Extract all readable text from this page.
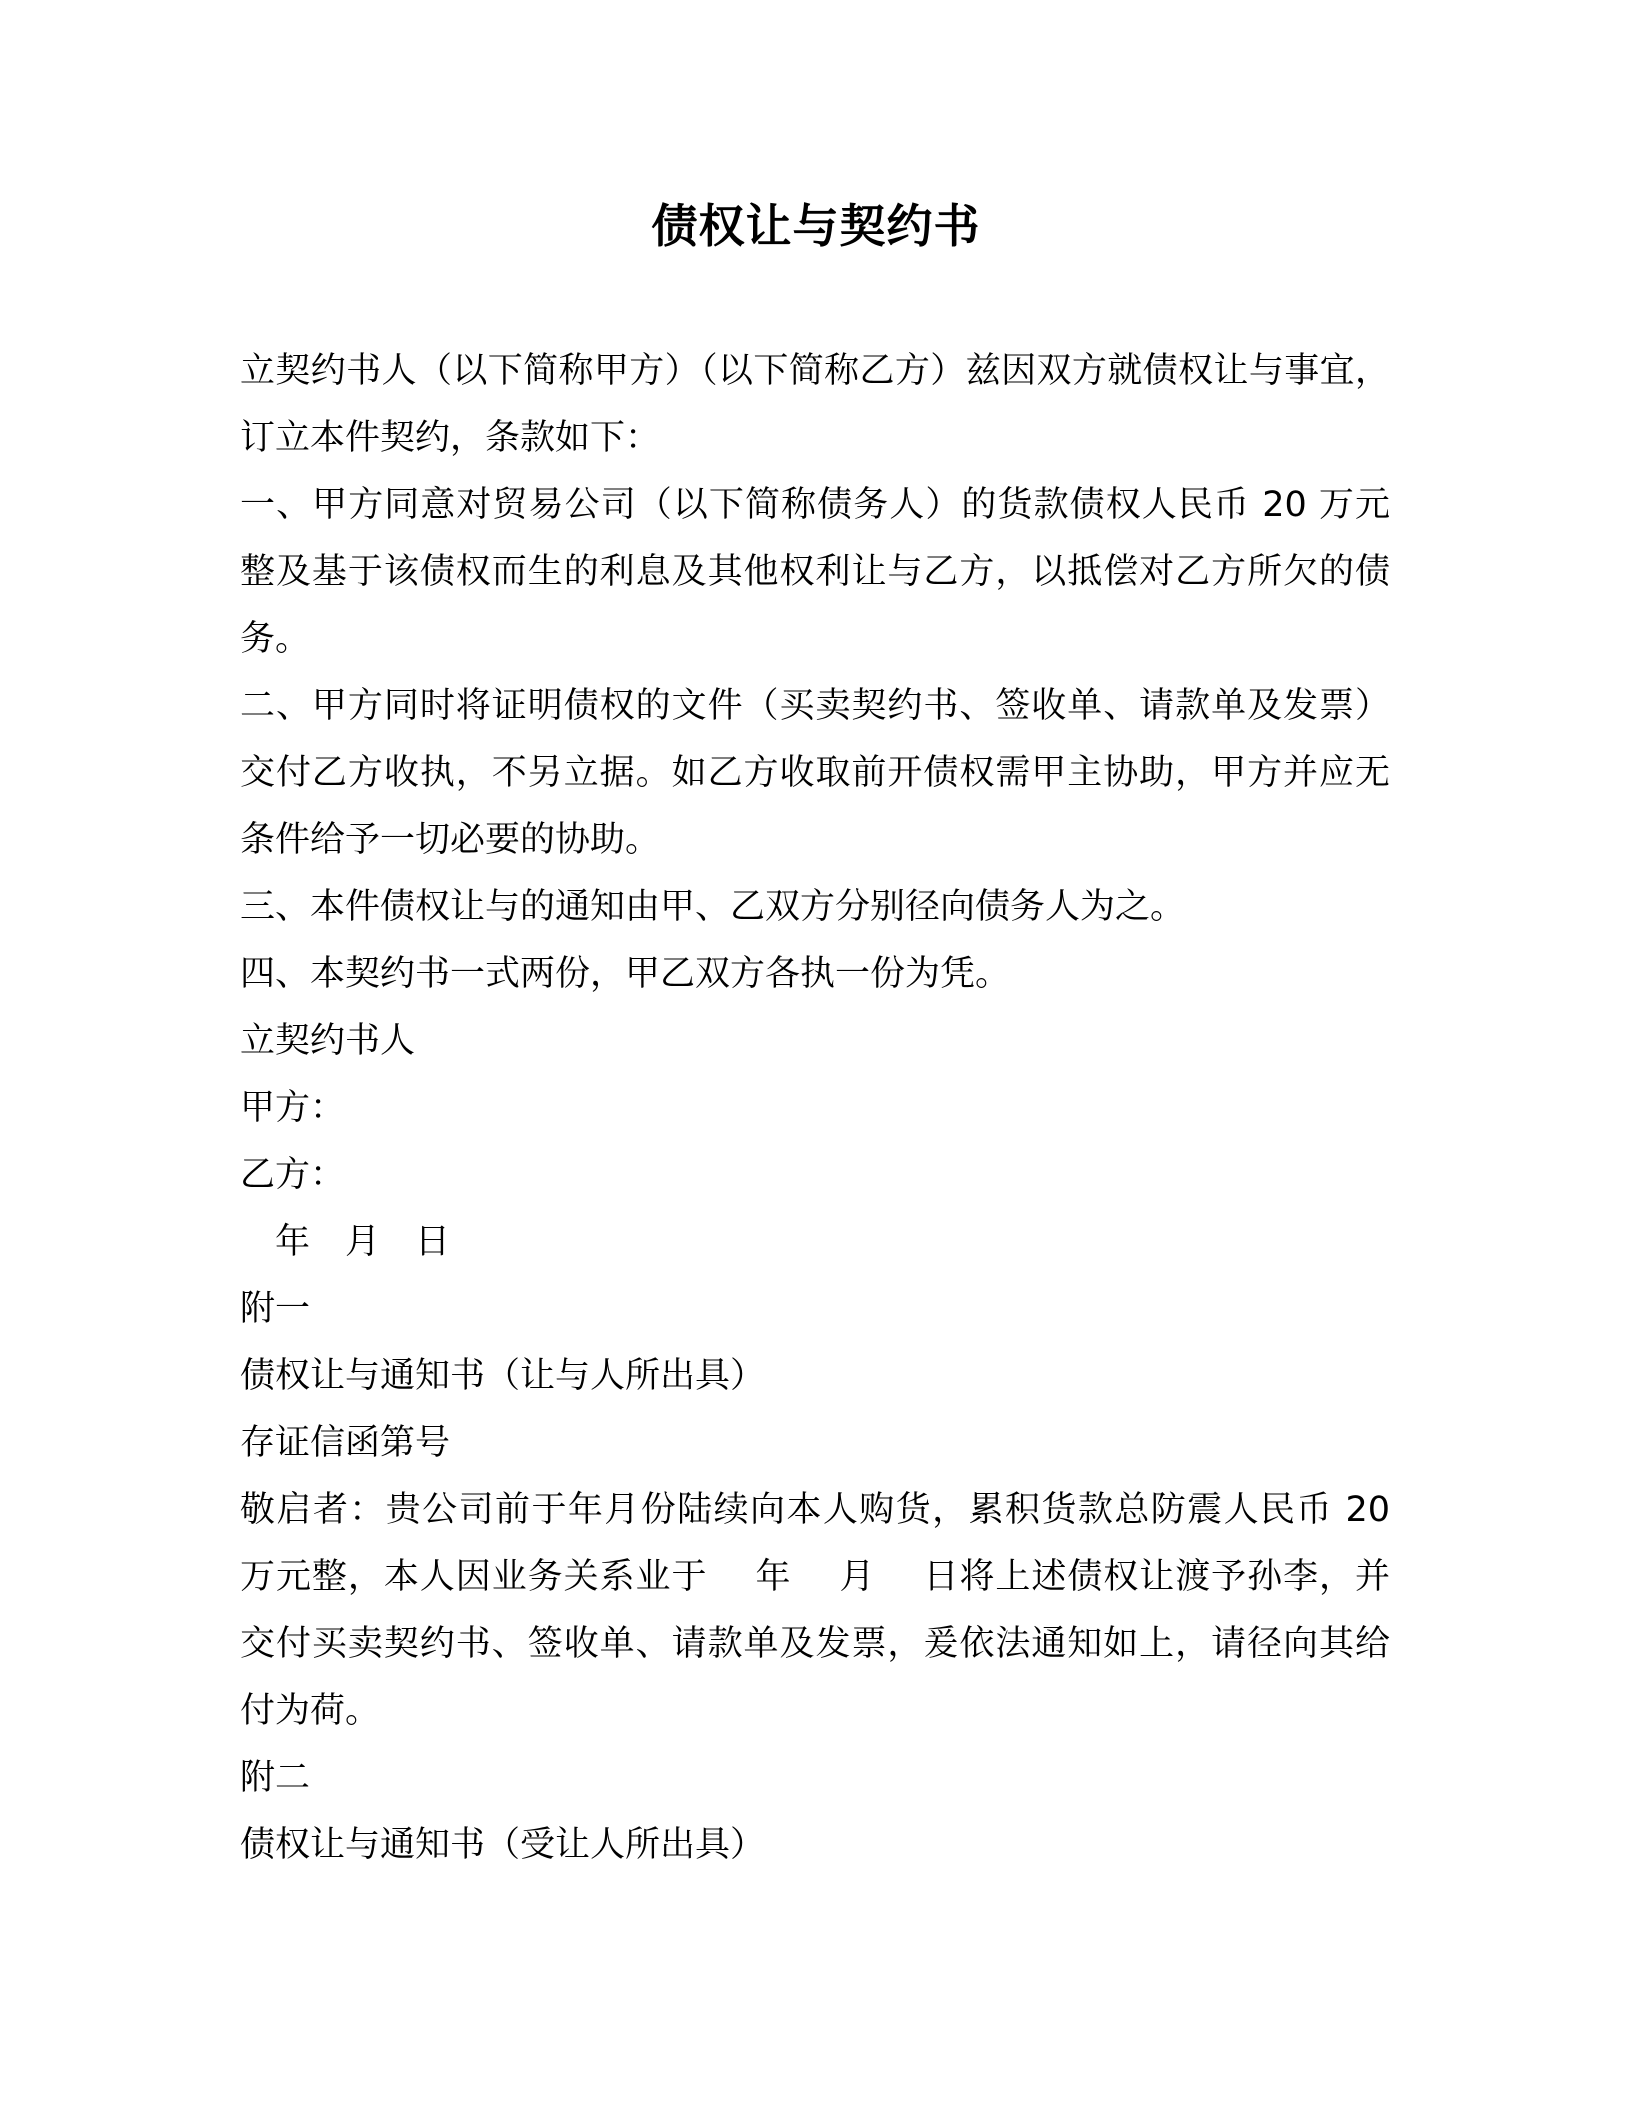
债权让与契约书

立契约书人（以下简称甲方）（以下简称乙方）兹因双方就债权让与事宜，订立本件契约，条款如下：

一、甲方同意对贸易公司（以下简称债务人）的货款债权人民币 20 万元整及基于该债权而生的利息及其他权利让与乙方，以抵偿对乙方所欠的债务。

二、甲方同时将证明债权的文件（买卖契约书、签收单、请款单及发票）交付乙方收执，不另立据。如乙方收取前开债权需甲主协助，甲方并应无条件给予一切必要的协助。

三、本件债权让与的通知由甲、乙双方分别径向债务人为之。

四、本契约书一式两份，甲乙双方各执一份为凭。

立契约书人

甲方：

乙方：

　年　月　日

附一

债权让与通知书（让与人所出具）

存证信函第号

敬启者：贵公司前于年月份陆续向本人购货，累积货款总防震人民币 20 万元整，本人因业务关系业于　 年　 月　 日将上述债权让渡予孙李，并交付买卖契约书、签收单、请款单及发票，爰依法通知如上，请径向其给付为荷。

附二

债权让与通知书（受让人所出具）
